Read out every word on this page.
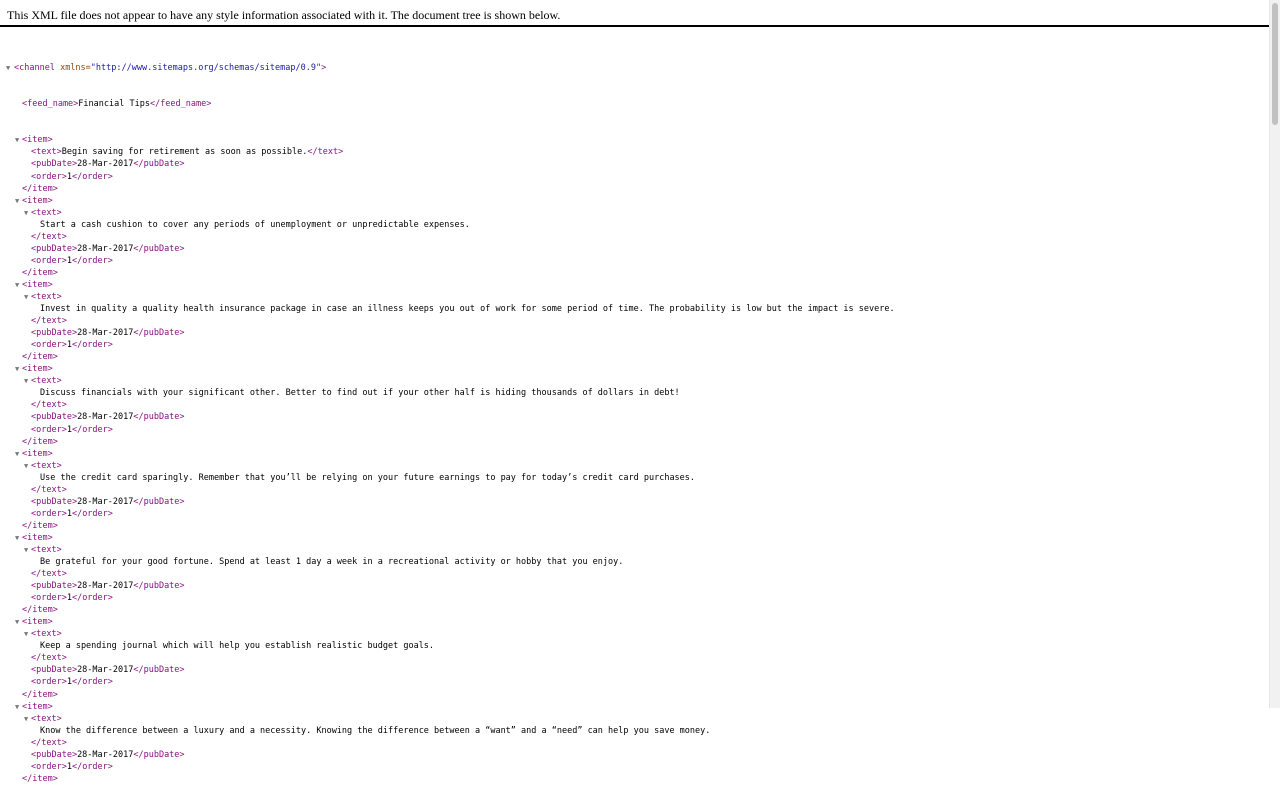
This XML file does not appear to have any style information associated with it. The document tree is shown below.

▼ <channel xmlns="http://www.sitemaps.org/schemas/sitemap/0.9">

<feed_name>Financial Tips</feed_name>

▼ <item>
<text>Begin saving for retirement as soon as possible.</text>
<pubDate>28-Mar-2017</pubDate>
<order>1</order>
</item>
▼ <item>
▼ <text>
Start a cash cushion to cover any periods of unemployment or unpredictable expenses.
</text>
<pubDate>28-Mar-2017</pubDate>
<order>1</order>
</item>
▼ <item>
▼ <text>
Invest in quality a quality health insurance package in case an illness keeps you out of work for some period of time. The probability is low but the impact is severe.
</text>
<pubDate>28-Mar-2017</pubDate>
<order>1</order>
</item>
▼ <item>
▼ <text>
Discuss financials with your significant other. Better to find out if your other half is hiding thousands of dollars in debt!
</text>
<pubDate>28-Mar-2017</pubDate>
<order>1</order>
</item>
▼ <item>
▼ <text>
Use the credit card sparingly. Remember that you’ll be relying on your future earnings to pay for today’s credit card purchases.
</text>
<pubDate>28-Mar-2017</pubDate>
<order>1</order>
</item>
▼ <item>
▼ <text>
Be grateful for your good fortune. Spend at least 1 day a week in a recreational activity or hobby that you enjoy.
</text>
<pubDate>28-Mar-2017</pubDate>
<order>1</order>
</item>
▼ <item>
▼ <text>
Keep a spending journal which will help you establish realistic budget goals.
</text>
<pubDate>28-Mar-2017</pubDate>
<order>1</order>
</item>
▼ <item>
▼ <text>
Know the difference between a luxury and a necessity. Knowing the difference between a “want” and a “need” can help you save money.
</text>
<pubDate>28-Mar-2017</pubDate>
<order>1</order>
</item>
